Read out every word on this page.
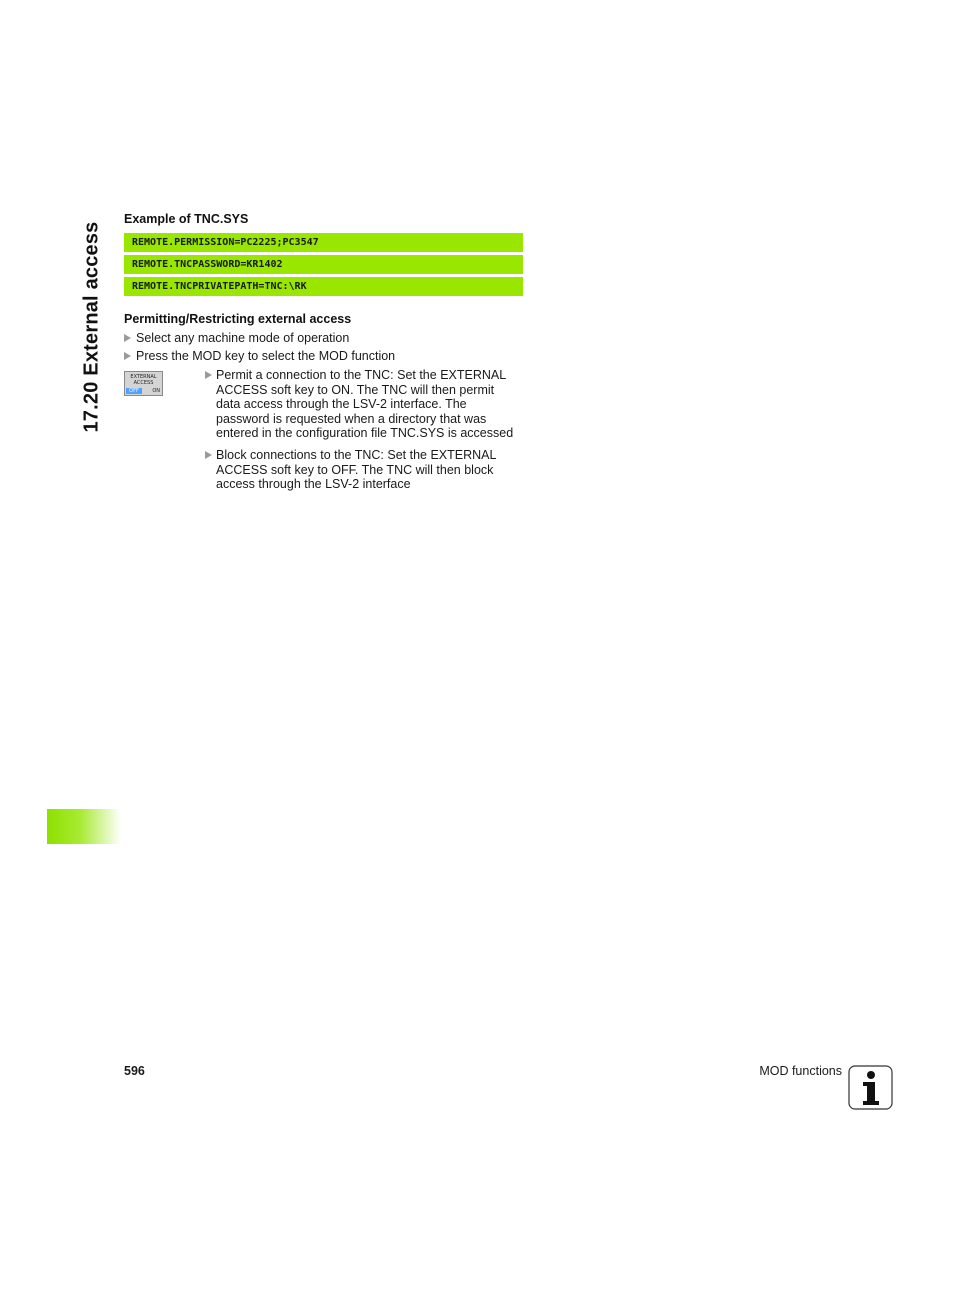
17.20 External access
Example of TNC.SYS
REMOTE.PERMISSION=PC2225;PC3547
REMOTE.TNCPASSWORD=KR1402
REMOTE.TNCPRIVATEPATH=TNC:\RK
Permitting/Restricting external access
Select any machine mode of operation
Press the MOD key to select the MOD function
EXTERNAL
ACCESS
OFF	ON
Permit a connection to the TNC: Set the EXTERNAL
ACCESS soft key to ON. The TNC will then permit
data access through the LSV-2 interface. The
password is requested when a directory that was
entered in the configuration file TNC.SYS is accessed
Block connections to the TNC: Set the EXTERNAL
ACCESS soft key to OFF. The TNC will then block
access through the LSV-2 interface
596	MOD functions
